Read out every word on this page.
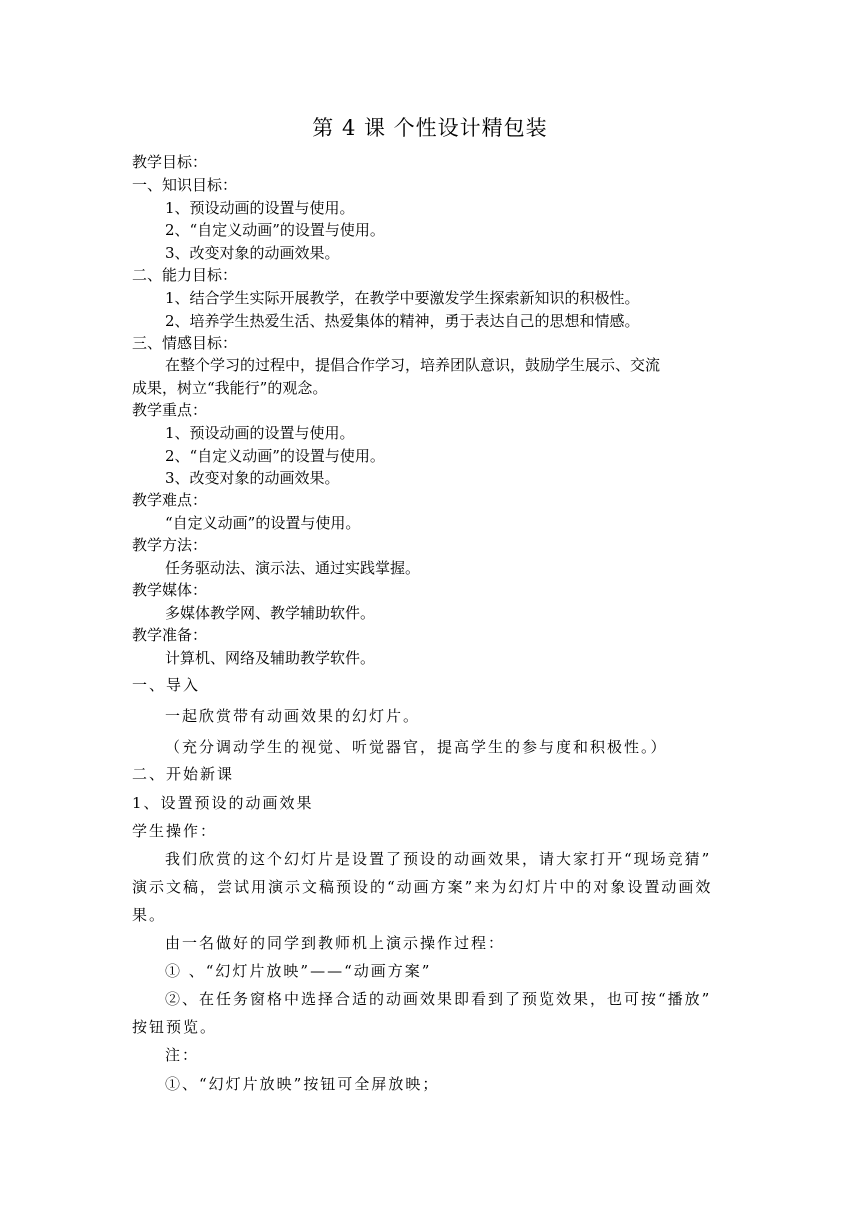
第 4 课 个性设计精包装
教学目标：
一、知识目标：
1、预设动画的设置与使用。
2、“自定义动画”的设置与使用。
3、改变对象的动画效果。
二、能力目标：
1、结合学生实际开展教学，在教学中要激发学生探索新知识的积极性。
2、培养学生热爱生活、热爱集体的精神，勇于表达自己的思想和情感。
三、情感目标：
在整个学习的过程中，提倡合作学习，培养团队意识，鼓励学生展示、交流
成果，树立“我能行”的观念。
教学重点：
1、预设动画的设置与使用。
2、“自定义动画”的设置与使用。
3、改变对象的动画效果。
教学难点：
“自定义动画”的设置与使用。
教学方法：
任务驱动法、演示法、通过实践掌握。
教学媒体：
多媒体教学网、教学辅助软件。
教学准备：
计算机、网络及辅助教学软件。
一、导入
一起欣赏带有动画效果的幻灯片。
（充分调动学生的视觉、听觉器官，提高学生的参与度和积极性。）
二、开始新课
1、设置预设的动画效果
学生操作：
我们欣赏的这个幻灯片是设置了预设的动画效果，请大家打开“现场竞猜”
演示文稿，尝试用演示文稿预设的“动画方案”来为幻灯片中的对象设置动画效
果。
由一名做好的同学到教师机上演示操作过程：
① 、“幻灯片放映”——“动画方案”
②、在任务窗格中选择合适的动画效果即看到了预览效果，也可按“播放”
按钮预览。
注：
①、“幻灯片放映”按钮可全屏放映；
